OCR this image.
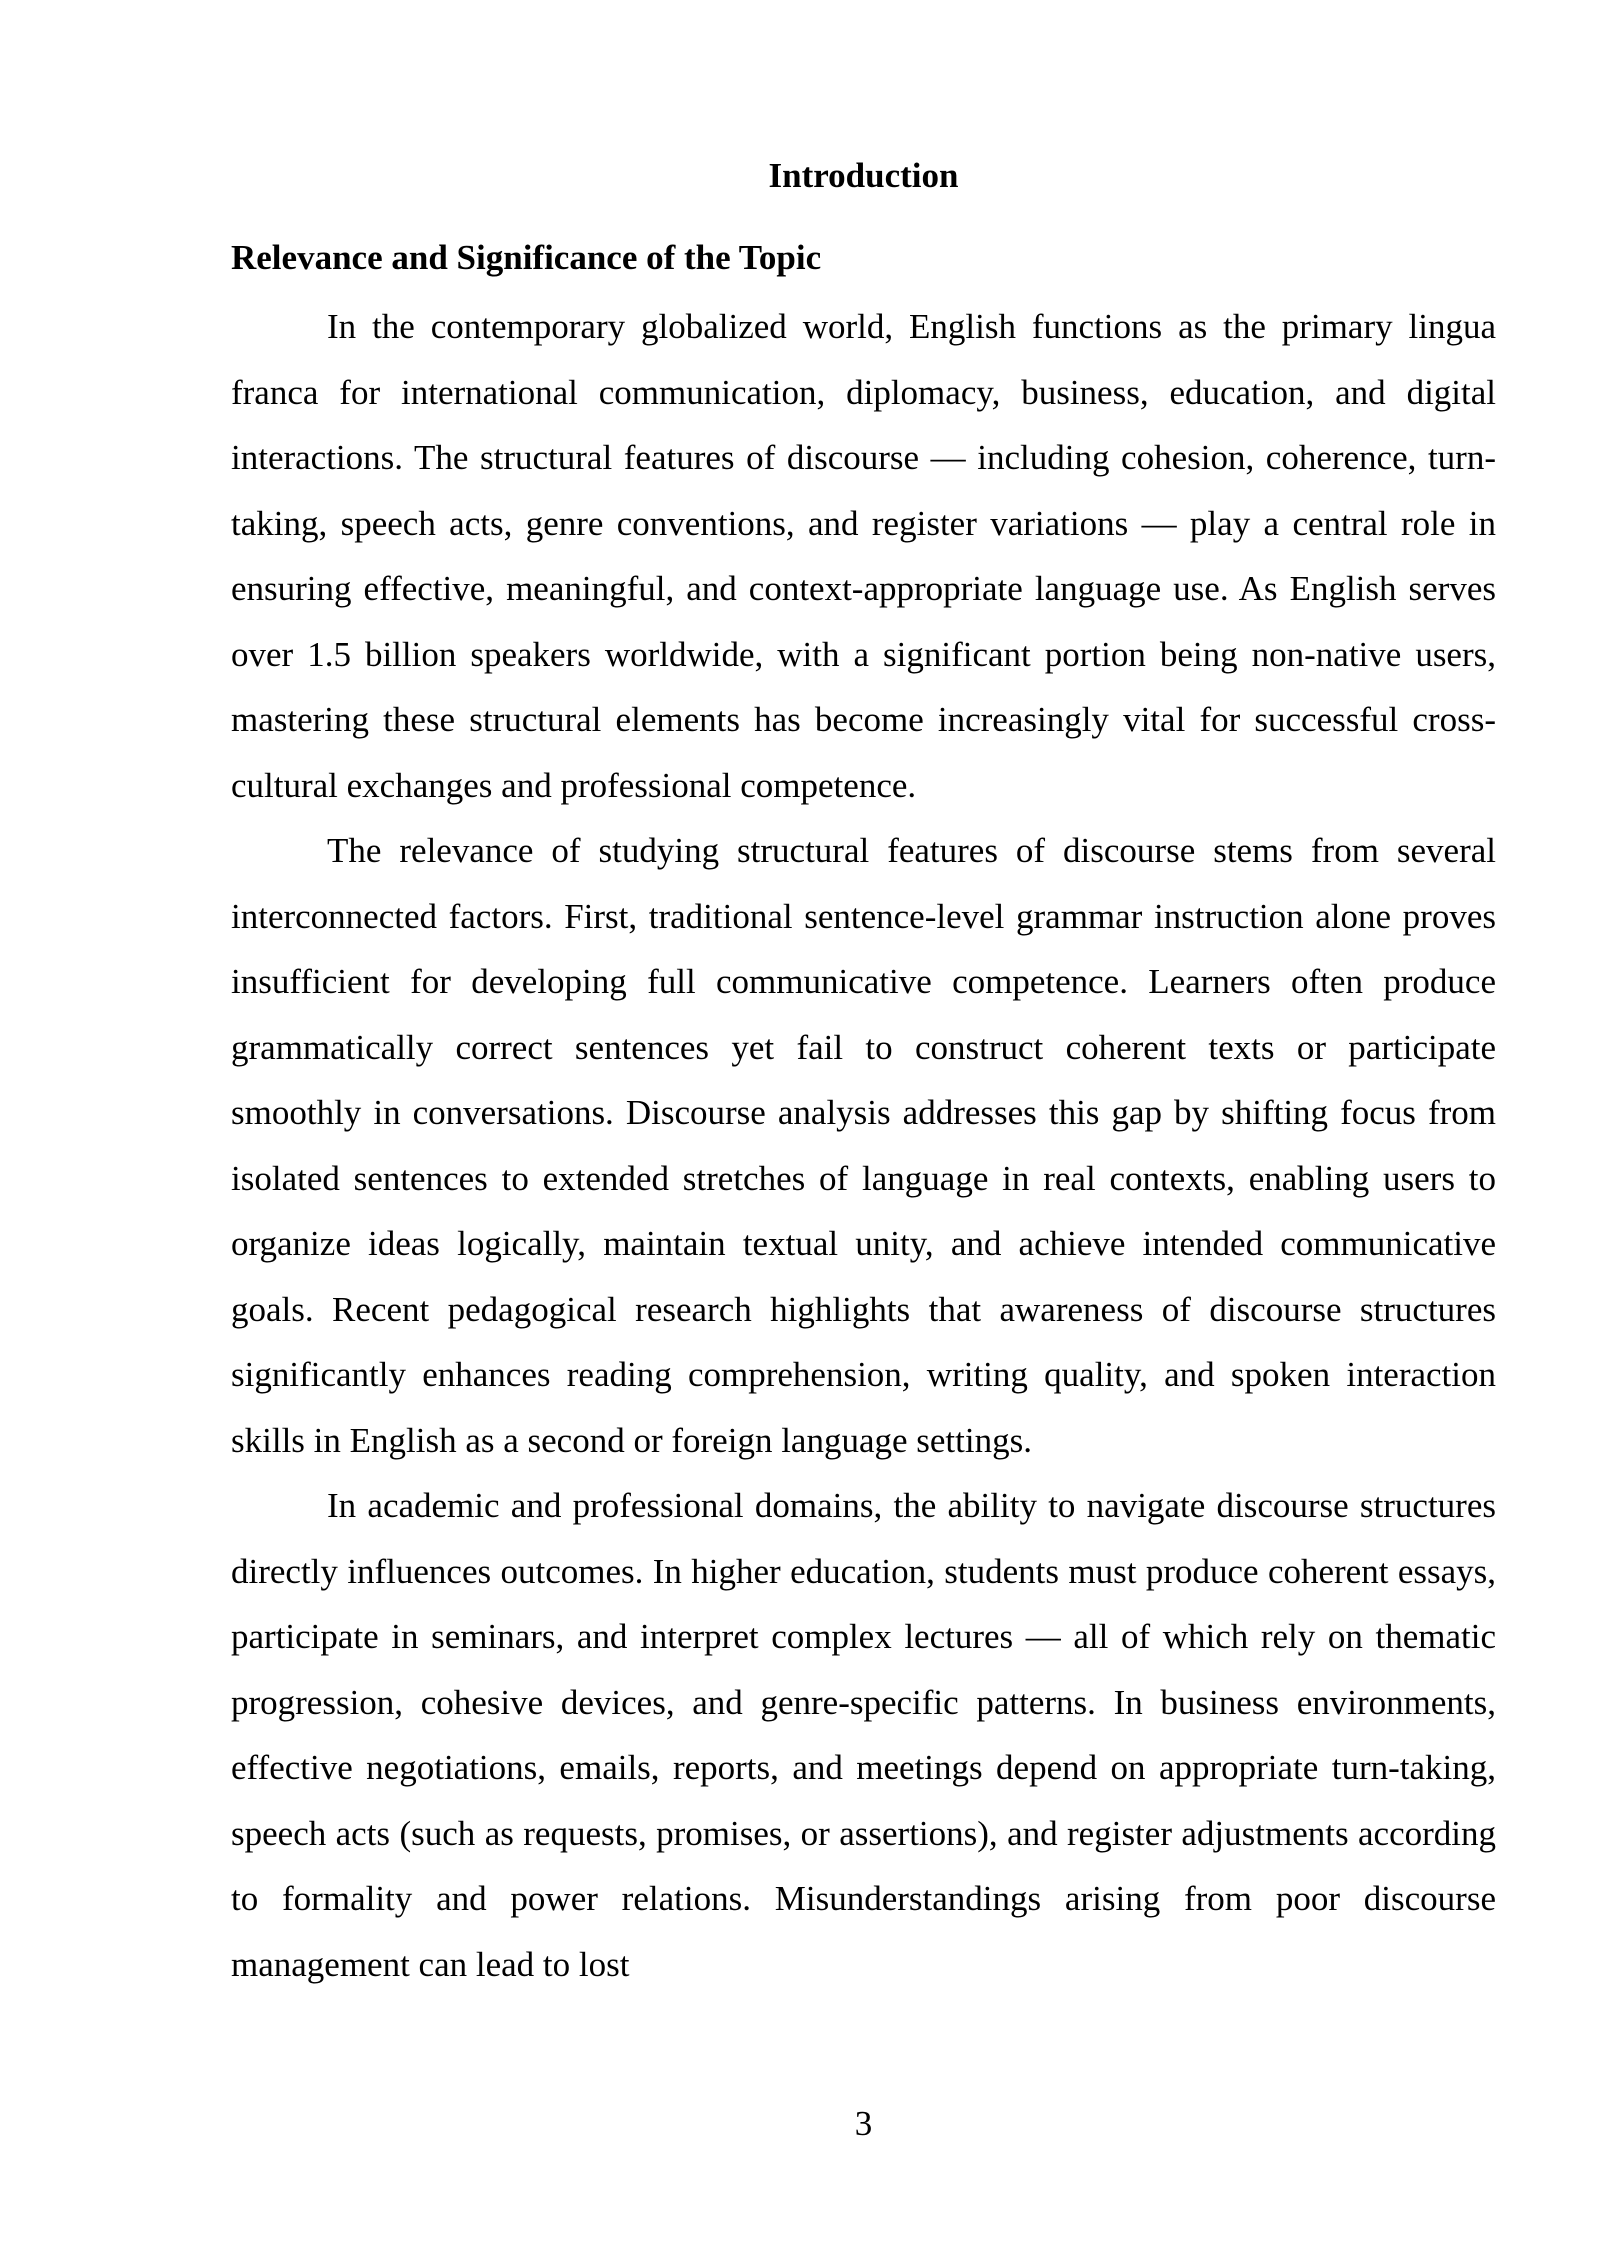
Introduction
Relevance and Significance of the Topic

In the contemporary globalized world, English functions as the primary lingua franca for international communication, diplomacy, business, education, and digital interactions. The structural features of discourse — including cohesion, coherence, turn-taking, speech acts, genre conventions, and register variations — play a central role in ensuring effective, meaningful, and context-appropriate language use. As English serves over 1.5 billion speakers worldwide, with a significant portion being non-native users, mastering these structural elements has become increasingly vital for successful cross-cultural exchanges and professional competence.

The relevance of studying structural features of discourse stems from several interconnected factors. First, traditional sentence-level grammar instruction alone proves insufficient for developing full communicative competence. Learners often produce grammatically correct sentences yet fail to construct coherent texts or participate smoothly in conversations. Discourse analysis addresses this gap by shifting focus from isolated sentences to extended stretches of language in real contexts, enabling users to organize ideas logically, maintain textual unity, and achieve intended communicative goals. Recent pedagogical research highlights that awareness of discourse structures significantly enhances reading comprehension, writing quality, and spoken interaction skills in English as a second or foreign language settings.

In academic and professional domains, the ability to navigate discourse structures directly influences outcomes. In higher education, students must produce coherent essays, participate in seminars, and interpret complex lectures — all of which rely on thematic progression, cohesive devices, and genre-specific patterns. In business environments, effective negotiations, emails, reports, and meetings depend on appropriate turn-taking, speech acts (such as requests, promises, or assertions), and register adjustments according to formality and power relations. Misunderstandings arising from poor discourse management can lead to lost

3
